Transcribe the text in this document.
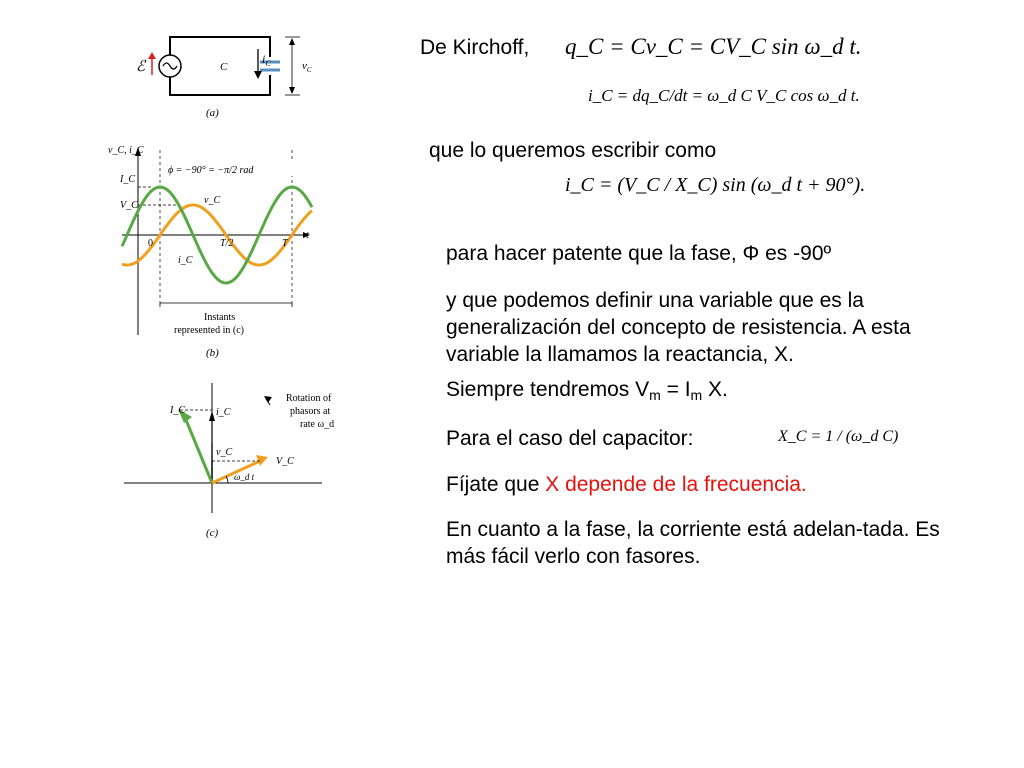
ℰ	C
$i_C$	$v_C$
(a)
v_C, i_C
I_C
V_C
ϕ = −90° = −π/2 rad
v_C
i_C
0	T/2	T
t
Instants
represented in (c)
(b)
I_C	i_C
v_C
V_C
ω_d t
Rotation of
phasors at
rate ω_d
(c)
De Kirchoff, q_C = Cv_C = CV_C sin ω_d t.
i_C = dq_C/dt = ω_d C V_C cos ω_d t.
que lo queremos escribir como
i_C = (V_C / X_C) sin (ω_d t + 90°).
para hacer patente que la fase, Φ es -90º
y que podemos definir una variable que es la generalización del concepto de resistencia. A esta variable la llamamos la reactancia, X.
Siempre tendremos $V_m = I_m$ X.
Para el caso del capacitor:	X_C = 1 / (ω_d C)
Fíjate que X depende de la frecuencia.
En cuanto a la fase, la corriente está adelan-tada. Es más fácil verlo con fasores.
